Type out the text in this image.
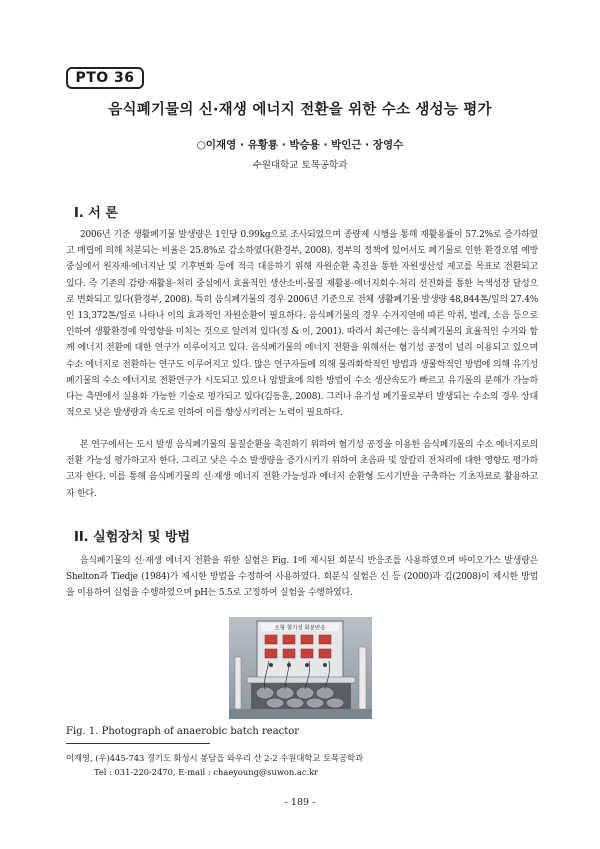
PTO 36
음식폐기물의 신·재생 에너지 전환을 위한 수소 생성능 평가
○이재영 · 유황룡 · 박승용 · 박인근 · 장영수
수원대학교 토목공학과
I. 서 론

2006년 기준 생활폐기물 발생량은 1인당 0.99kg으로 조사되었으며 종량제 시행을 통해 재활용률이 57.2%로 증가하였고 매립에 의해 처분되는 비율은 25.8%로 감소하였다(환경부, 2008). 정부의 정책에 있어서도 폐기물로 인한 환경오염 예방중심에서 원자재·에너지난 및 기후변화 등에 적극 대응하기 위해 자원순환 촉진을 통한 자원생산성 제고를 목표로 전환되고 있다. 즉 기존의 감량·재활용·처리 중심에서 효율적인 생산소비-물질 재활용·에너지회수·처리 선진화를 통한 녹색성장 달성으로 변화되고 있다(환경부, 2008). 특히 음식폐기물의 경우 2006년 기준으로 전체 생활폐기물 발생량 48,844톤/일의 27.4%인 13,372톤/일로 나타나 이의 효과적인 자원순환이 필요하다. 음식폐기물의 경우 수거지연에 따른 악취, 벌레, 소음 등으로 인하여 생활환경에 악영향을 미치는 것으로 알려져 있다(정 & 이, 2001). 따라서 최근에는 음식폐기물의 효율적인 수거와 함께 에너지 전환에 대한 연구가 이루어지고 있다. 음식폐기물의 에너지 전환을 위해서는 혐기성 공정이 널리 이용되고 있으며 수소 에너지로 전환하는 연구도 이루어지고 있다. 많은 연구자들에 의해 물리화학적인 방법과 생물학적인 방법에 의해 유기성 폐기물의 수소 에너지로 전환연구가 시도되고 있으나 암발효에 의한 방법이 수소 생산속도가 빠르고 유기물의 분해가 가능하다는 측면에서 실용화 가능한 기술로 평가되고 있다(김동훈, 2008). 그러나 유기성 폐기물로부터 발생되는 수소의 경우 상대적으로 낮은 발생량과 속도로 인하여 이를 향상시키려는 노력이 필요하다.

본 연구에서는 도시 발생 음식폐기물의 물질순환을 촉진하기 위하여 혐기성 공정을 이용한 음식폐기물의 수소 에너지로의 전환 가능성 평가하고자 한다. 그리고 낮은 수소 발생량을 증가시키기 위하여 초음파 및 알칼리 전처리에 대한 영향도 평가하고자 한다. 이를 통해 음식폐기물의 신·재생 에너지 전환 가능성과 에너지 순환형 도시기반을 구축하는 기초자료로 활용하고자 한다.

II. 실험장치 및 방법

음식폐기물의 신·재생 에너지 전환을 위한 실험은 Fig. 1에 제시된 회분식 반응조를 사용하였으며 바이오가스 발생량은 Shelton과 Tiedje (1984)가 제시한 방법을 수정하여 사용하였다. 회분식 실험은 신 등 (2000)과 김(2008)이 제시한 방법을 이용하여 실험을 수행하였으며 pH는 5.5로 고정하여 실험을 수행하였다.

소형 혐기성 회분반응
Fig. 1. Photograph of anaerobic batch reactor
이재영, (우)445-743 경기도 화성시 봉담읍 와우리 산 2-2 수원대학교 토목공학과
Tel : 031-220-2470, E-mail : chaeyoung@suwon.ac.kr
- 189 -
